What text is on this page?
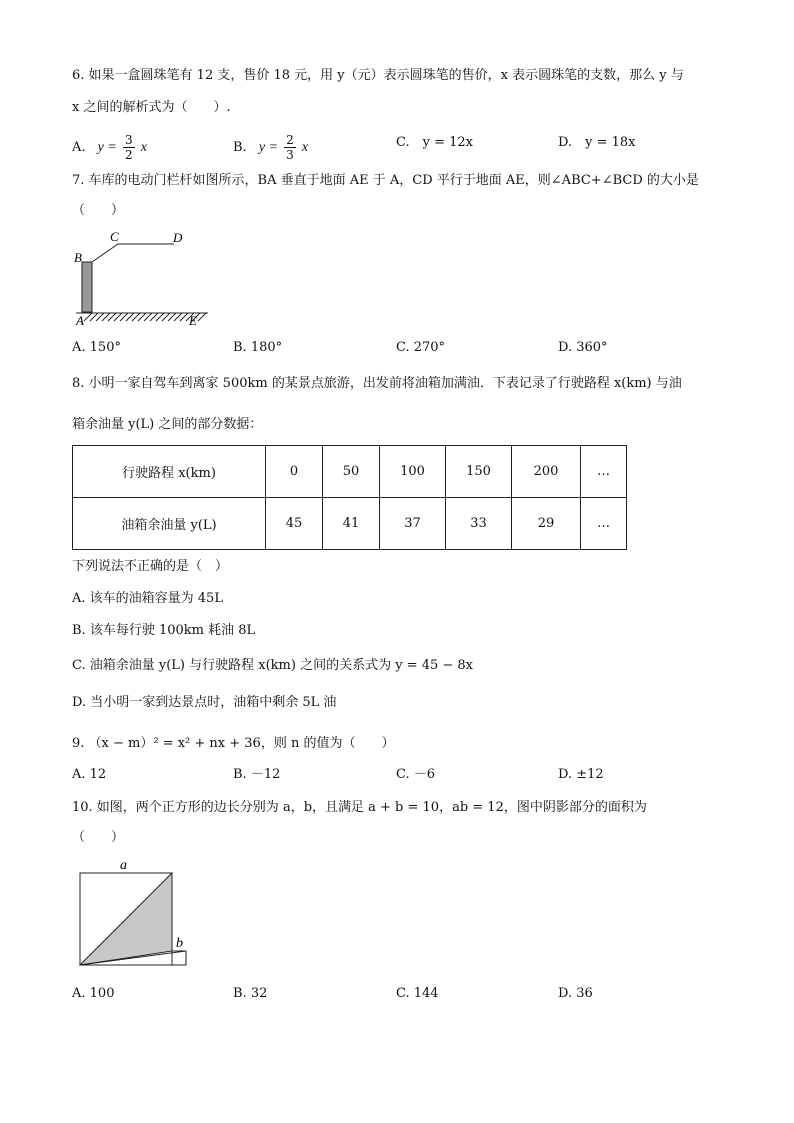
6. 如果一盒圆珠笔有 12 支，售价 18 元，用 y（元）表示圆珠笔的售价，x 表示圆珠笔的支数，那么 y 与
x 之间的解析式为（　　）.
A. $y = \frac{3}{2}$ x	B. $y = \frac{2}{3}$ x	C.　y = 12x	D.　y = 18x
7. 车库的电动门栏杆如图所示，BA 垂直于地面 AE 于 A，CD 平行于地面 AE，则∠ABC+∠BCD 的大小是
（　　）
B
C	D
A	E
A. 150°	B. 180°	C. 270°	D. 360°
8. 小明一家自驾车到离家 500km 的某景点旅游，出发前将油箱加满油．下表记录了行驶路程 x(km) 与油
箱余油量 y(L) 之间的部分数据：
行驶路程 x(km)	0	50	100	150	200	…
油箱余油量 y(L)	45	41	37	33	29	…
下列说法不正确的是（　）
A. 该车的油箱容量为 45L
B. 该车每行驶 100km 耗油 8L
C. 油箱余油量 y(L) 与行驶路程 x(km) 之间的关系式为 y = 45 − 8x
D. 当小明一家到达景点时，油箱中剩余 5L 油
9. （x − m）² = x² + nx + 36，则 n 的值为（　　）
A. 12	B. －12	C. －6	D. ±12
10. 如图，两个正方形的边长分别为 a，b，且满足 a + b = 10，ab = 12，图中阴影部分的面积为
（　　）
a
b
A. 100	B. 32	C. 144	D. 36
